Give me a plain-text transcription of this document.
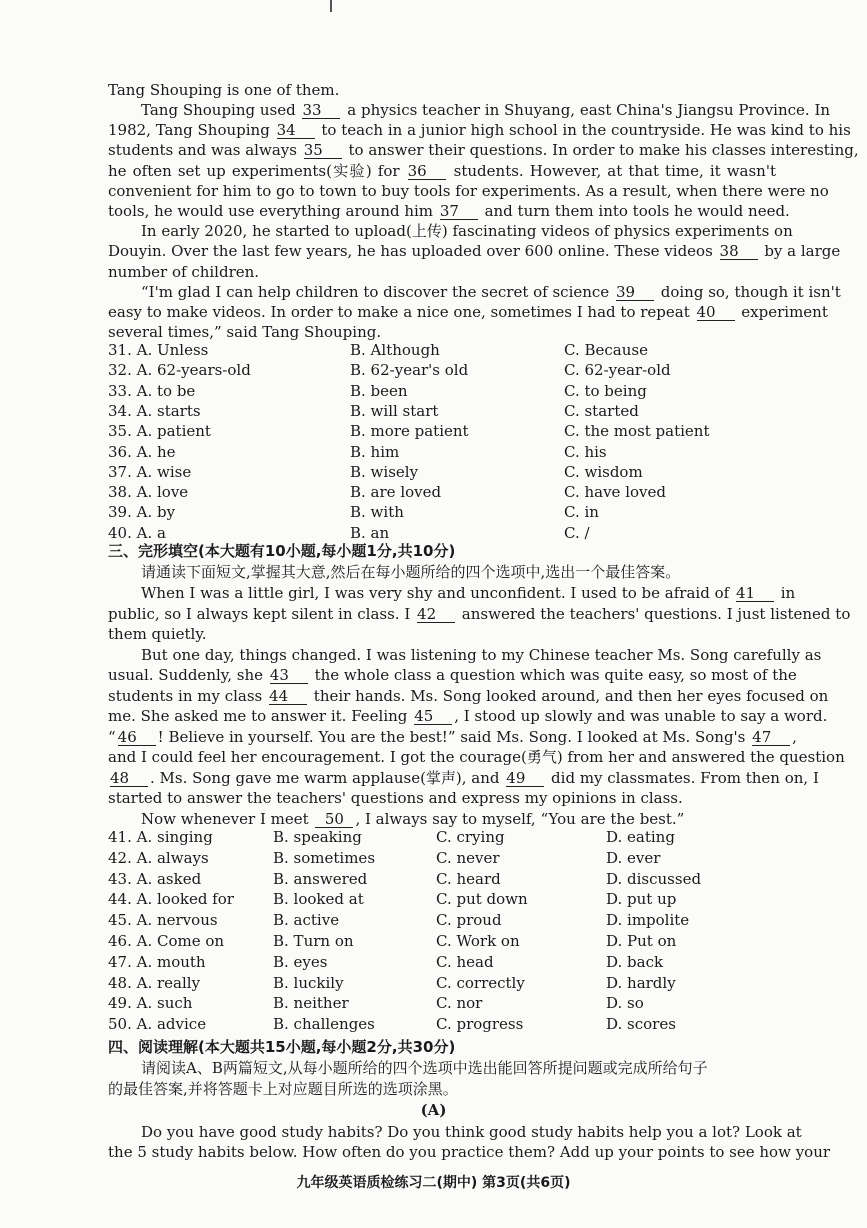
Tang Shouping is one of them.
Tang Shouping used 33 a physics teacher in Shuyang, east China's Jiangsu Province. In
1982, Tang Shouping 34 to teach in a junior high school in the countryside. He was kind to his
students and was always 35 to answer their questions. In order to make his classes interesting,
he often set up experiments(实验) for 36 students. However, at that time, it wasn't
convenient for him to go to town to buy tools for experiments. As a result, when there were no
tools, he would use everything around him 37 and turn them into tools he would need.
In early 2020, he started to upload(上传) fascinating videos of physics experiments on
Douyin. Over the last few years, he has uploaded over 600 online. These videos 38 by a large
number of children.
“I'm glad I can help children to discover the secret of science 39 doing so, though it isn't
easy to make videos. In order to make a nice one, sometimes I had to repeat 40 experiment
several times,” said Tang Shouping.
31. A. Unless	B. Although	C. Because
32. A. 62-years-old	B. 62-year's old	C. 62-year-old
33. A. to be	B. been	C. to being
34. A. starts	B. will start	C. started
35. A. patient	B. more patient	C. the most patient
36. A. he	B. him	C. his
37. A. wise	B. wisely	C. wisdom
38. A. love	B. are loved	C. have loved
39. A. by	B. with	C. in
40. A. a	B. an	C. /
三、完形填空(本大题有10小题,每小题1分,共10分)
请通读下面短文,掌握其大意,然后在每小题所给的四个选项中,选出一个最佳答案。
When I was a little girl, I was very shy and unconfident. I used to be afraid of 41 in
public, so I always kept silent in class. I 42 answered the teachers' questions. I just listened to
them quietly.
But one day, things changed. I was listening to my Chinese teacher Ms. Song carefully as
usual. Suddenly, she 43 the whole class a question which was quite easy, so most of the
students in my class 44 their hands. Ms. Song looked around, and then her eyes focused on
me. She asked me to answer it. Feeling 45 , I stood up slowly and was unable to say a word.
“ 46 ! Believe in yourself. You are the best!” said Ms. Song. I looked at Ms. Song's 47 ,
and I could feel her encouragement. I got the courage(勇气) from her and answered the question
48 . Ms. Song gave me warm applause(掌声), and 49 did my classmates. From then on, I
started to answer the teachers' questions and express my opinions in class.
Now whenever I meet 50 , I always say to myself, “You are the best.”
41. A. singing	B. speaking	C. crying	D. eating
42. A. always	B. sometimes	C. never	D. ever
43. A. asked	B. answered	C. heard	D. discussed
44. A. looked for	B. looked at	C. put down	D. put up
45. A. nervous	B. active	C. proud	D. impolite
46. A. Come on	B. Turn on	C. Work on	D. Put on
47. A. mouth	B. eyes	C. head	D. back
48. A. really	B. luckily	C. correctly	D. hardly
49. A. such	B. neither	C. nor	D. so
50. A. advice	B. challenges	C. progress	D. scores
四、阅读理解(本大题共15小题,每小题2分,共30分)
请阅读A、B两篇短文,从每小题所给的四个选项中选出能回答所提问题或完成所给句子
的最佳答案,并将答题卡上对应题目所选的选项涂黑。
(A)
Do you have good study habits? Do you think good study habits help you a lot? Look at
the 5 study habits below. How often do you practice them? Add up your points to see how your
九年级英语质检练习二(期中) 第3页(共6页)
